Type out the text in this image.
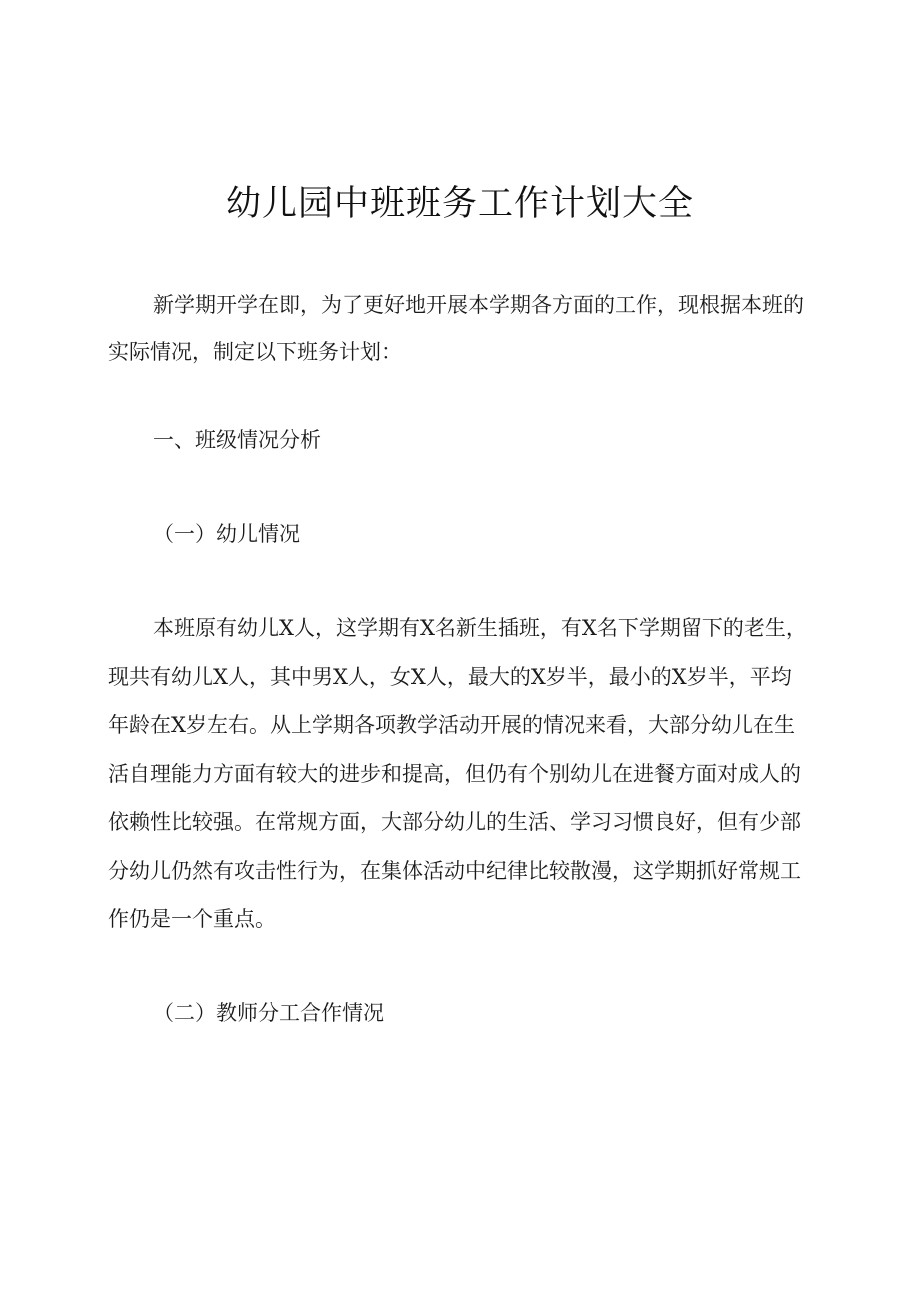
幼儿园中班班务工作计划大全

新学期开学在即，为了更好地开展本学期各方面的工作，现根据本班的实际情况，制定以下班务计划：

一、班级情况分析
（一）幼儿情况

本班原有幼儿X人，这学期有X名新生插班，有X名下学期留下的老生，现共有幼儿X人，其中男X人，女X人，最大的X岁半，最小的X岁半，平均年龄在X岁左右。从上学期各项教学活动开展的情况来看，大部分幼儿在生活自理能力方面有较大的进步和提高，但仍有个别幼儿在进餐方面对成人的依赖性比较强。在常规方面，大部分幼儿的生活、学习习惯良好，但有少部分幼儿仍然有攻击性行为，在集体活动中纪律比较散漫，这学期抓好常规工作仍是一个重点。

（二）教师分工合作情况
